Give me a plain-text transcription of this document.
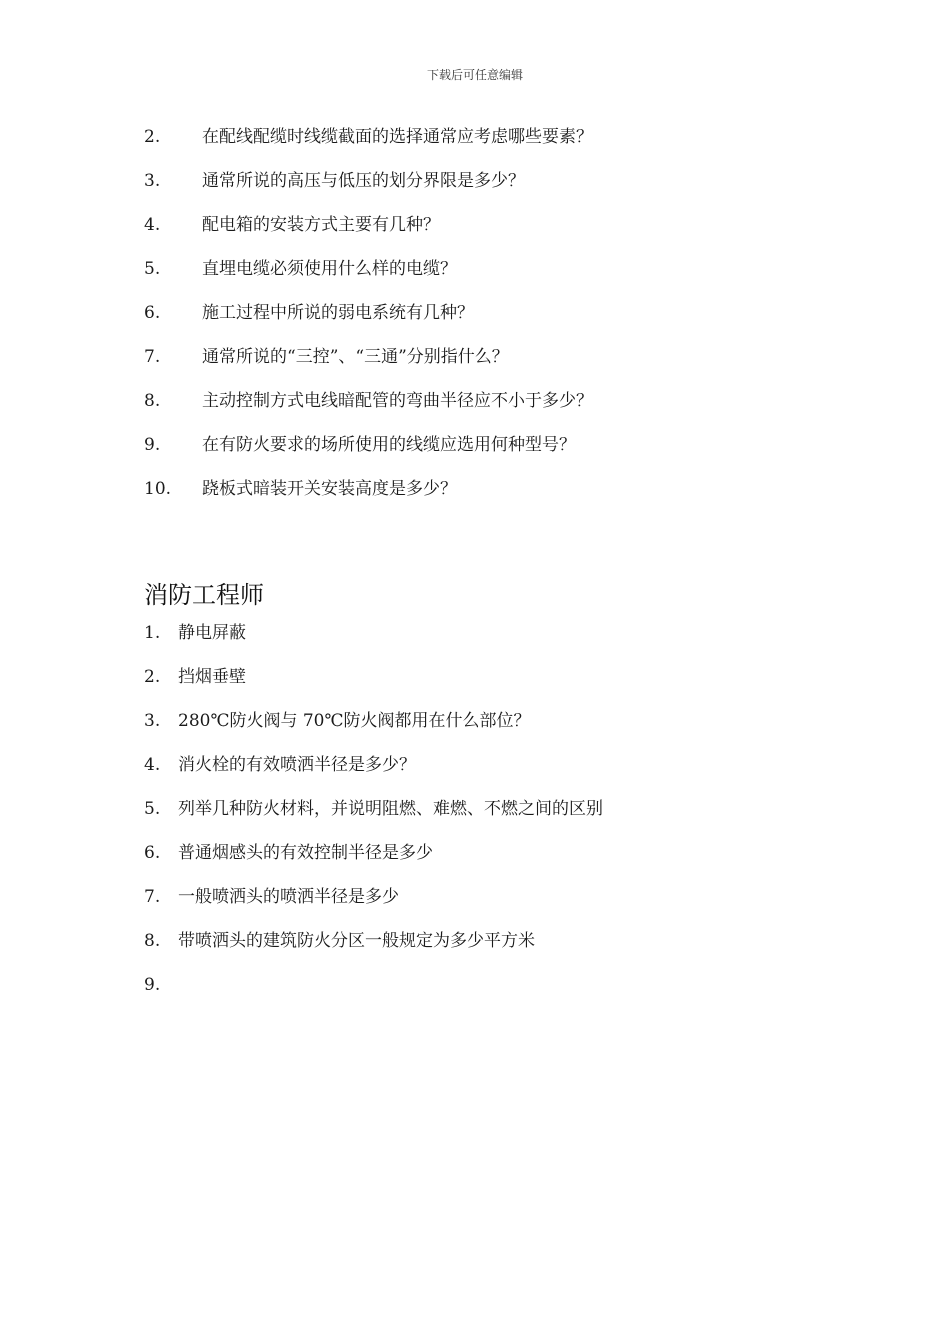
下载后可任意编辑
2. 在配线配缆时线缆截面的选择通常应考虑哪些要素？
3. 通常所说的高压与低压的划分界限是多少？
4. 配电箱的安装方式主要有几种？
5. 直埋电缆必须使用什么样的电缆？
6. 施工过程中所说的弱电系统有几种？
7. 通常所说的“三控”、“三通”分别指什么？
8. 主动控制方式电线暗配管的弯曲半径应不小于多少？
9. 在有防火要求的场所使用的线缆应选用何种型号？
10. 跷板式暗装开关安装高度是多少？
消防工程师
1. 静电屏蔽
2. 挡烟垂壁
3. 280℃防火阀与 70℃防火阀都用在什么部位？
4. 消火栓的有效喷洒半径是多少？
5. 列举几种防火材料，并说明阻燃、难燃、不燃之间的区别
6. 普通烟感头的有效控制半径是多少
7. 一般喷洒头的喷洒半径是多少
8. 带喷洒头的建筑防火分区一般规定为多少平方米
9.
